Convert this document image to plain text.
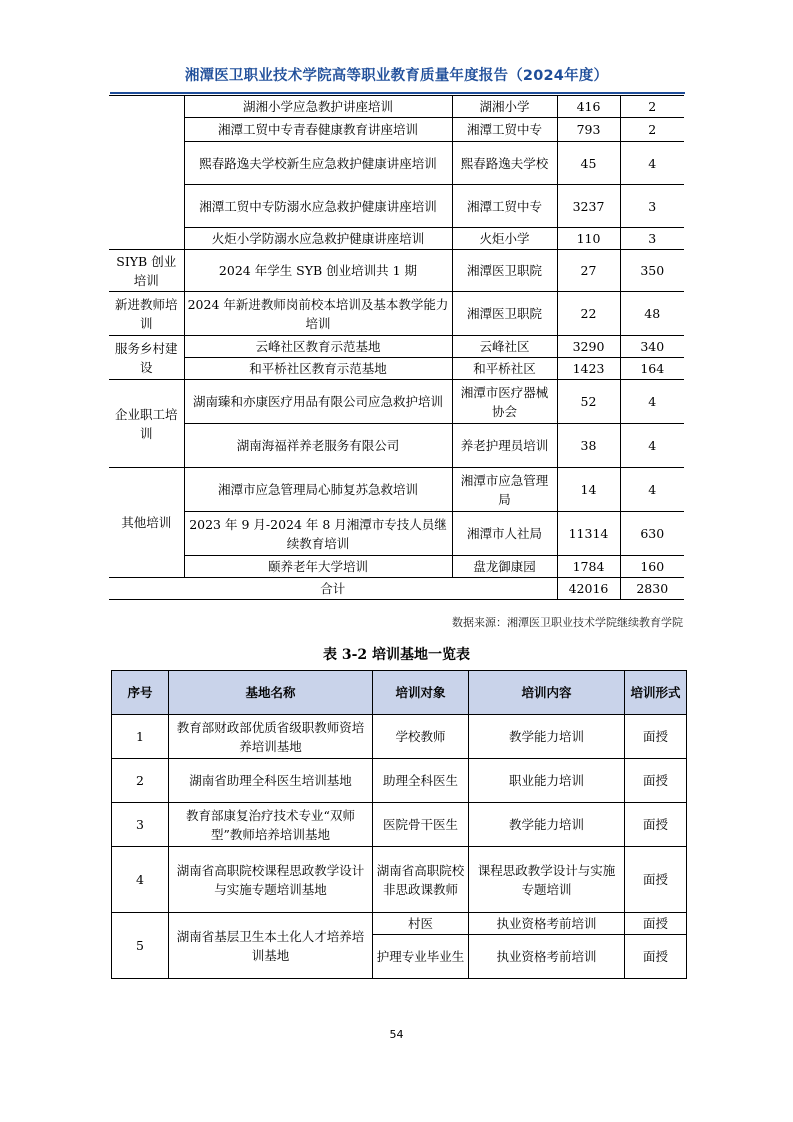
湘潭医卫职业技术学院高等职业教育质量年度报告（2024年度）
	湖湘小学应急教护讲座培训	湖湘小学	416	2
	湘潭工贸中专青春健康教育讲座培训	湘潭工贸中专	793	2
	熙春路逸夫学校新生应急救护健康讲座培训	熙春路逸夫学校	45	4
	湘潭工贸中专防溺水应急救护健康讲座培训	湘潭工贸中专	3237	3
	火炬小学防溺水应急救护健康讲座培训	火炬小学	110	3
SIYB 创业培训	2024 年学生 SYB 创业培训共 1 期	湘潭医卫职院	27	350
新进教师培训	2024 年新进教师岗前校本培训及基本教学能力培训	湘潭医卫职院	22	48
服务乡村建设	云峰社区教育示范基地	云峰社区	3290	340
	和平桥社区教育示范基地	和平桥社区	1423	164
企业职工培训	湖南臻和亦康医疗用品有限公司应急救护培训	湘潭市医疗器械协会	52	4
	湖南海福祥养老服务有限公司	养老护理员培训	38	4
其他培训	湘潭市应急管理局心肺复苏急救培训	湘潭市应急管理局	14	4
	2023 年 9 月-2024 年 8 月湘潭市专技人员继续教育培训	湘潭市人社局	11314	630
	颐养老年大学培训	盘龙御康园	1784	160
合计			42016	2830
数据来源：湘潭医卫职业技术学院继续教育学院
表 3-2 培训基地一览表
序号	基地名称	培训对象	培训内容	培训形式
1	教育部财政部优质省级职教师资培养培训基地	学校教师	教学能力培训	面授
2	湖南省助理全科医生培训基地	助理全科医生	职业能力培训	面授
3	教育部康复治疗技术专业“双师型”教师培养培训基地	医院骨干医生	教学能力培训	面授
4	湖南省高职院校课程思政教学设计与实施专题培训基地	湖南省高职院校非思政课教师	课程思政教学设计与实施专题培训	面授
5	湖南省基层卫生本土化人才培养培训基地	村医	执业资格考前培训	面授
		护理专业毕业生	执业资格考前培训	面授
54
